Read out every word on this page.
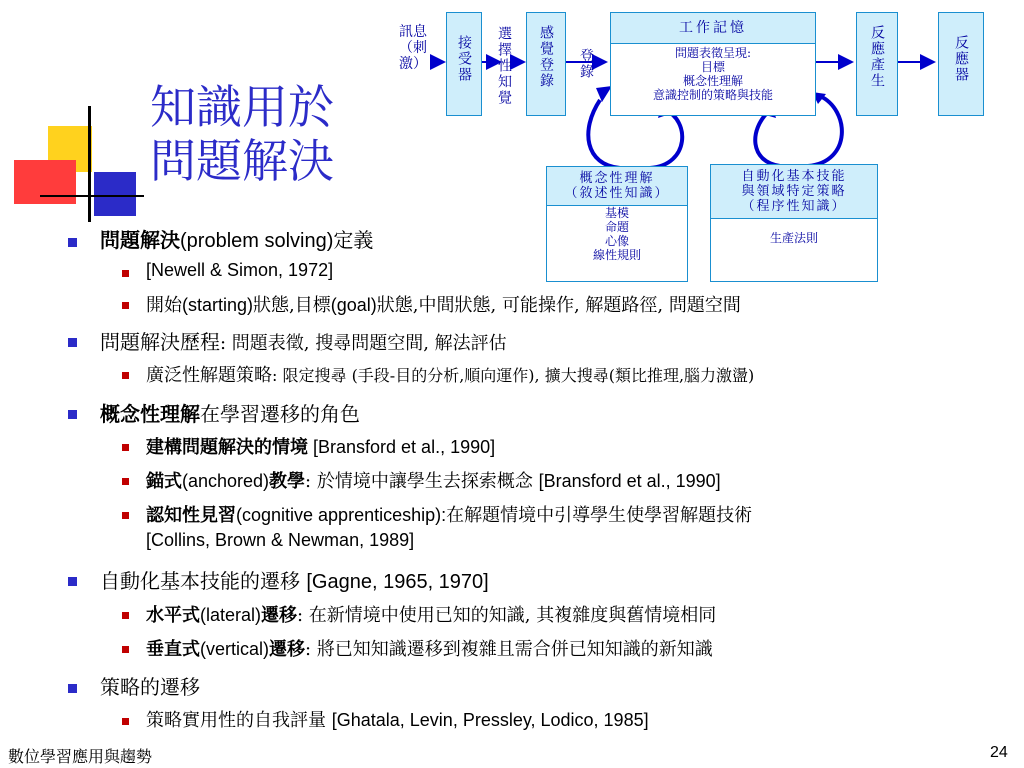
知識用於
問題解決
訊息（刺激）	接受器 選擇性知覺 感覺登錄 登錄
工作記憶
問題表徵呈現:
目標
概念性理解
意識控制的策略與技能
反應產生	反應器
概念性理解
（敘述性知識）
基模
命題
心像
線性規則
自動化基本技能
與領域特定策略
（程序性知識）
生產法則
問題解決(problem solving)定義
[Newell & Simon, 1972]
開始(starting)狀態,目標(goal)狀態,中間狀態, 可能操作, 解題路徑, 問題空間
問題解決歷程: 問題表徵, 搜尋問題空間, 解法評估
廣泛性解題策略: 限定搜尋 (手段-目的分析,順向運作), 擴大搜尋(類比推理,腦力激盪)
概念性理解在學習遷移的角色
建構問題解決的情境 [Bransford et al., 1990]
錨式(anchored)教學: 於情境中讓學生去探索概念 [Bransford et al., 1990]
認知性見習(cognitive apprenticeship):在解題情境中引導學生使學習解題技術
[Collins, Brown & Newman, 1989]
自動化基本技能的遷移 [Gagne, 1965, 1970]
水平式(lateral)遷移: 在新情境中使用已知的知識, 其複雜度與舊情境相同
垂直式(vertical)遷移: 將已知知識遷移到複雜且需合併已知知識的新知識
策略的遷移
策略實用性的自我評量 [Ghatala, Levin, Pressley, Lodico, 1985]
數位學習應用與趨勢	24
